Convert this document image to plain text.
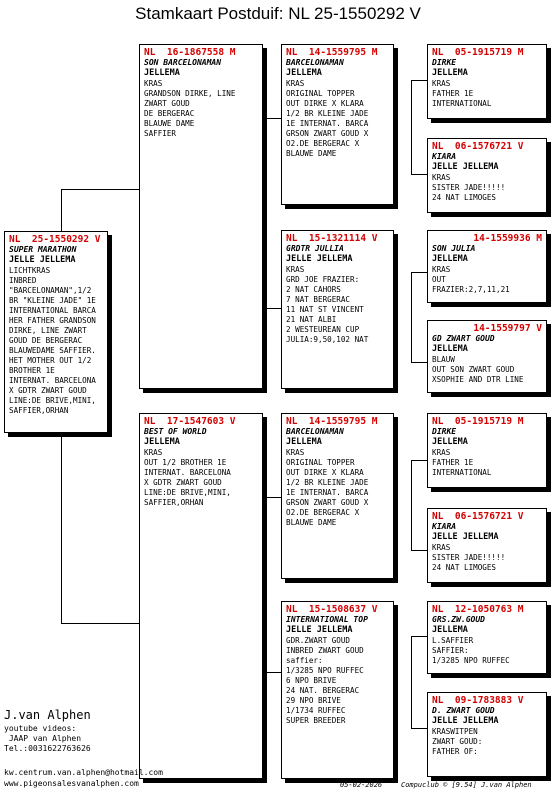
Stamkaart Postduif: NL 25-1550292 V
NL  25-1550292 V
SUPER MARATHON
JELLE JELLEMA
LICHTKRAS
INBRED
"BARCELONAMAN",1/2
BR "KLEINE JADE" 1E
INTERNATIONAL BARCA
HER FATHER GRANDSON
DIRKE, LINE ZWART
GOUD DE BERGERAC
BLAUWEDAME SAFFIER.
HET MOTHER OUT 1/2
BROTHER 1E
INTERNAT. BARCELONA
X GDTR ZWART GOUD
LINE:DE BRIVE,MINI,
SAFFIER,ORHAN
NL  16-1867558 M
SON BARCELONAMAN
JELLEMA
KRAS
GRANDSON DIRKE, LINE
ZWART GOUD
DE BERGERAC
BLAUWE DAME
SAFFIER
NL  17-1547603 V
BEST OF WORLD
JELLEMA
KRAS
OUT 1/2 BROTHER 1E
INTERNAT. BARCELONA
X GDTR ZWART GOUD
LINE:DE BRIVE,MINI,
SAFFIER,ORHAN
NL  14-1559795 M
BARCELONAMAN
JELLEMA
KRAS
ORIGINAL TOPPER
OUT DIRKE X KLARA
1/2 BR KLEINE JADE
1E INTERNAT. BARCA
GRSON ZWART GOUD X
O2.DE BERGERAC X
BLAUWE DAME
NL  15-1321114 V
GRDTR JULLIA
JELLE JELLEMA
KRAS
GRD JOE FRAZIER:
2 NAT CAHORS
7 NAT BERGERAC
11 NAT ST VINCENT
21 NAT ALBI
2 WESTEUREAN CUP
JULIA:9,50,102 NAT
NL  14-1559795 M
BARCELONAMAN
JELLEMA
KRAS
ORIGINAL TOPPER
OUT DIRKE X KLARA
1/2 BR KLEINE JADE
1E INTERNAT. BARCA
GRSON ZWART GOUD X
O2.DE BERGERAC X
BLAUWE DAME
NL  15-1508637 V
INTERNATIONAL TOP
JELLE JELLEMA
GDR.ZWART GOUD
INBRED ZWART GOUD
saffier:
1/3285 NPO RUFFEC
6 NPO BRIVE
24 NAT. BERGERAC
29 NPO BRIVE
1/1734 RUFFEC
SUPER BREEDER
NL  05-1915719 M
DIRKE
JELLEMA
KRAS
FATHER 1E
INTERNATIONAL
NL  06-1576721 V
KIARA
JELLE JELLEMA
KRAS
SISTER JADE!!!!!
24 NAT LIMOGES
14-1559936 M
SON JULIA
JELLEMA
KRAS
OUT
FRAZIER:2,7,11,21
14-1559797 V
GD ZWART GOUD
JELLEMA
BLAUW
OUT SON ZWART GOUD
XSOPHIE AND DTR LINE
NL  05-1915719 M
DIRKE
JELLEMA
KRAS
FATHER 1E
INTERNATIONAL
NL  06-1576721 V
KIARA
JELLE JELLEMA
KRAS
SISTER JADE!!!!!
24 NAT LIMOGES
NL  12-1050763 M
GRS.ZW.GOUD
JELLEMA
L.SAFFIER
SAFFIER:
1/3285 NPO RUFFEC
NL  09-1783883 V
D. ZWART GOUD
JELLE JELLEMA
KRASWITPEN
ZWART GOUD:
FATHER OF:
J.van Alphen
youtube videos:
JAAP van Alphen
Tel.:0031622763626
kw.centrum.van.alphen@hotmail.com
www.pigeonsalesvanalphen.com	05-02-2026	Compuclub © [9.54] J.van Alphen
